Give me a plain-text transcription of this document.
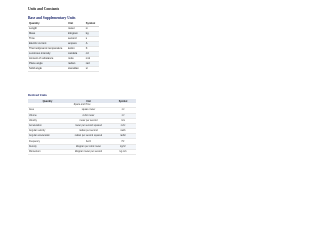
Units and Constants
Base and Supplementary Units
Quantity	Unit	Symbol
Length	meter	m
Mass	kilogram	kg
Time	second	s
Electric current	ampere	A
Thermodynamic temperature	kelvin	K
Luminous intensity	candela	cd
Amount of substance	mole	mol
Plane angle	radian	rad
Solid angle	steradian	sr
Derived Units
Quantity	Unit	Symbol
Space and Time		
Area	square meter	m²
Volume	cubic meter	m³
Velocity	meter per second	m/s
Acceleration	meter per second squared	m/s²
Angular velocity	radian per second	rad/s
Angular acceleration	radian per second squared	rad/s²
Frequency	hertz	Hz
Density	kilogram per cubic meter	kg/m³
Momentum	kilogram meter per second	kg·m/s
